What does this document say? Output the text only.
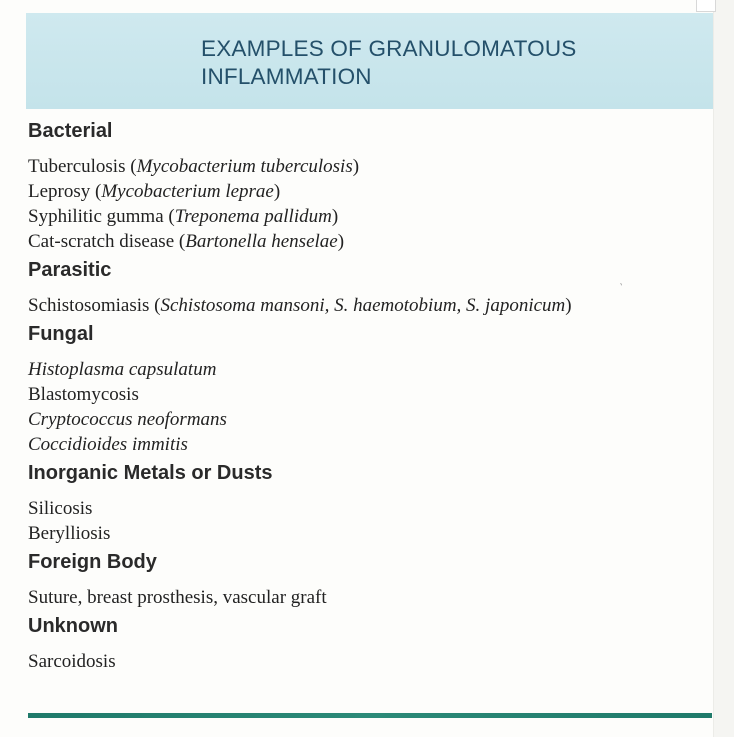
EXAMPLES OF GRANULOMATOUS
INFLAMMATION
ˏ
Bacterial
Tuberculosis (Mycobacterium tuberculosis)
Leprosy (Mycobacterium leprae)
Syphilitic gumma (Treponema pallidum)
Cat-scratch disease (Bartonella henselae)
Parasitic
Schistosomiasis (Schistosoma mansoni, S. haemotobium, S. japonicum)
Fungal
Histoplasma capsulatum
Blastomycosis
Cryptococcus neoformans
Coccidioides immitis
Inorganic Metals or Dusts
Silicosis
Berylliosis
Foreign Body
Suture, breast prosthesis, vascular graft
Unknown
Sarcoidosis
